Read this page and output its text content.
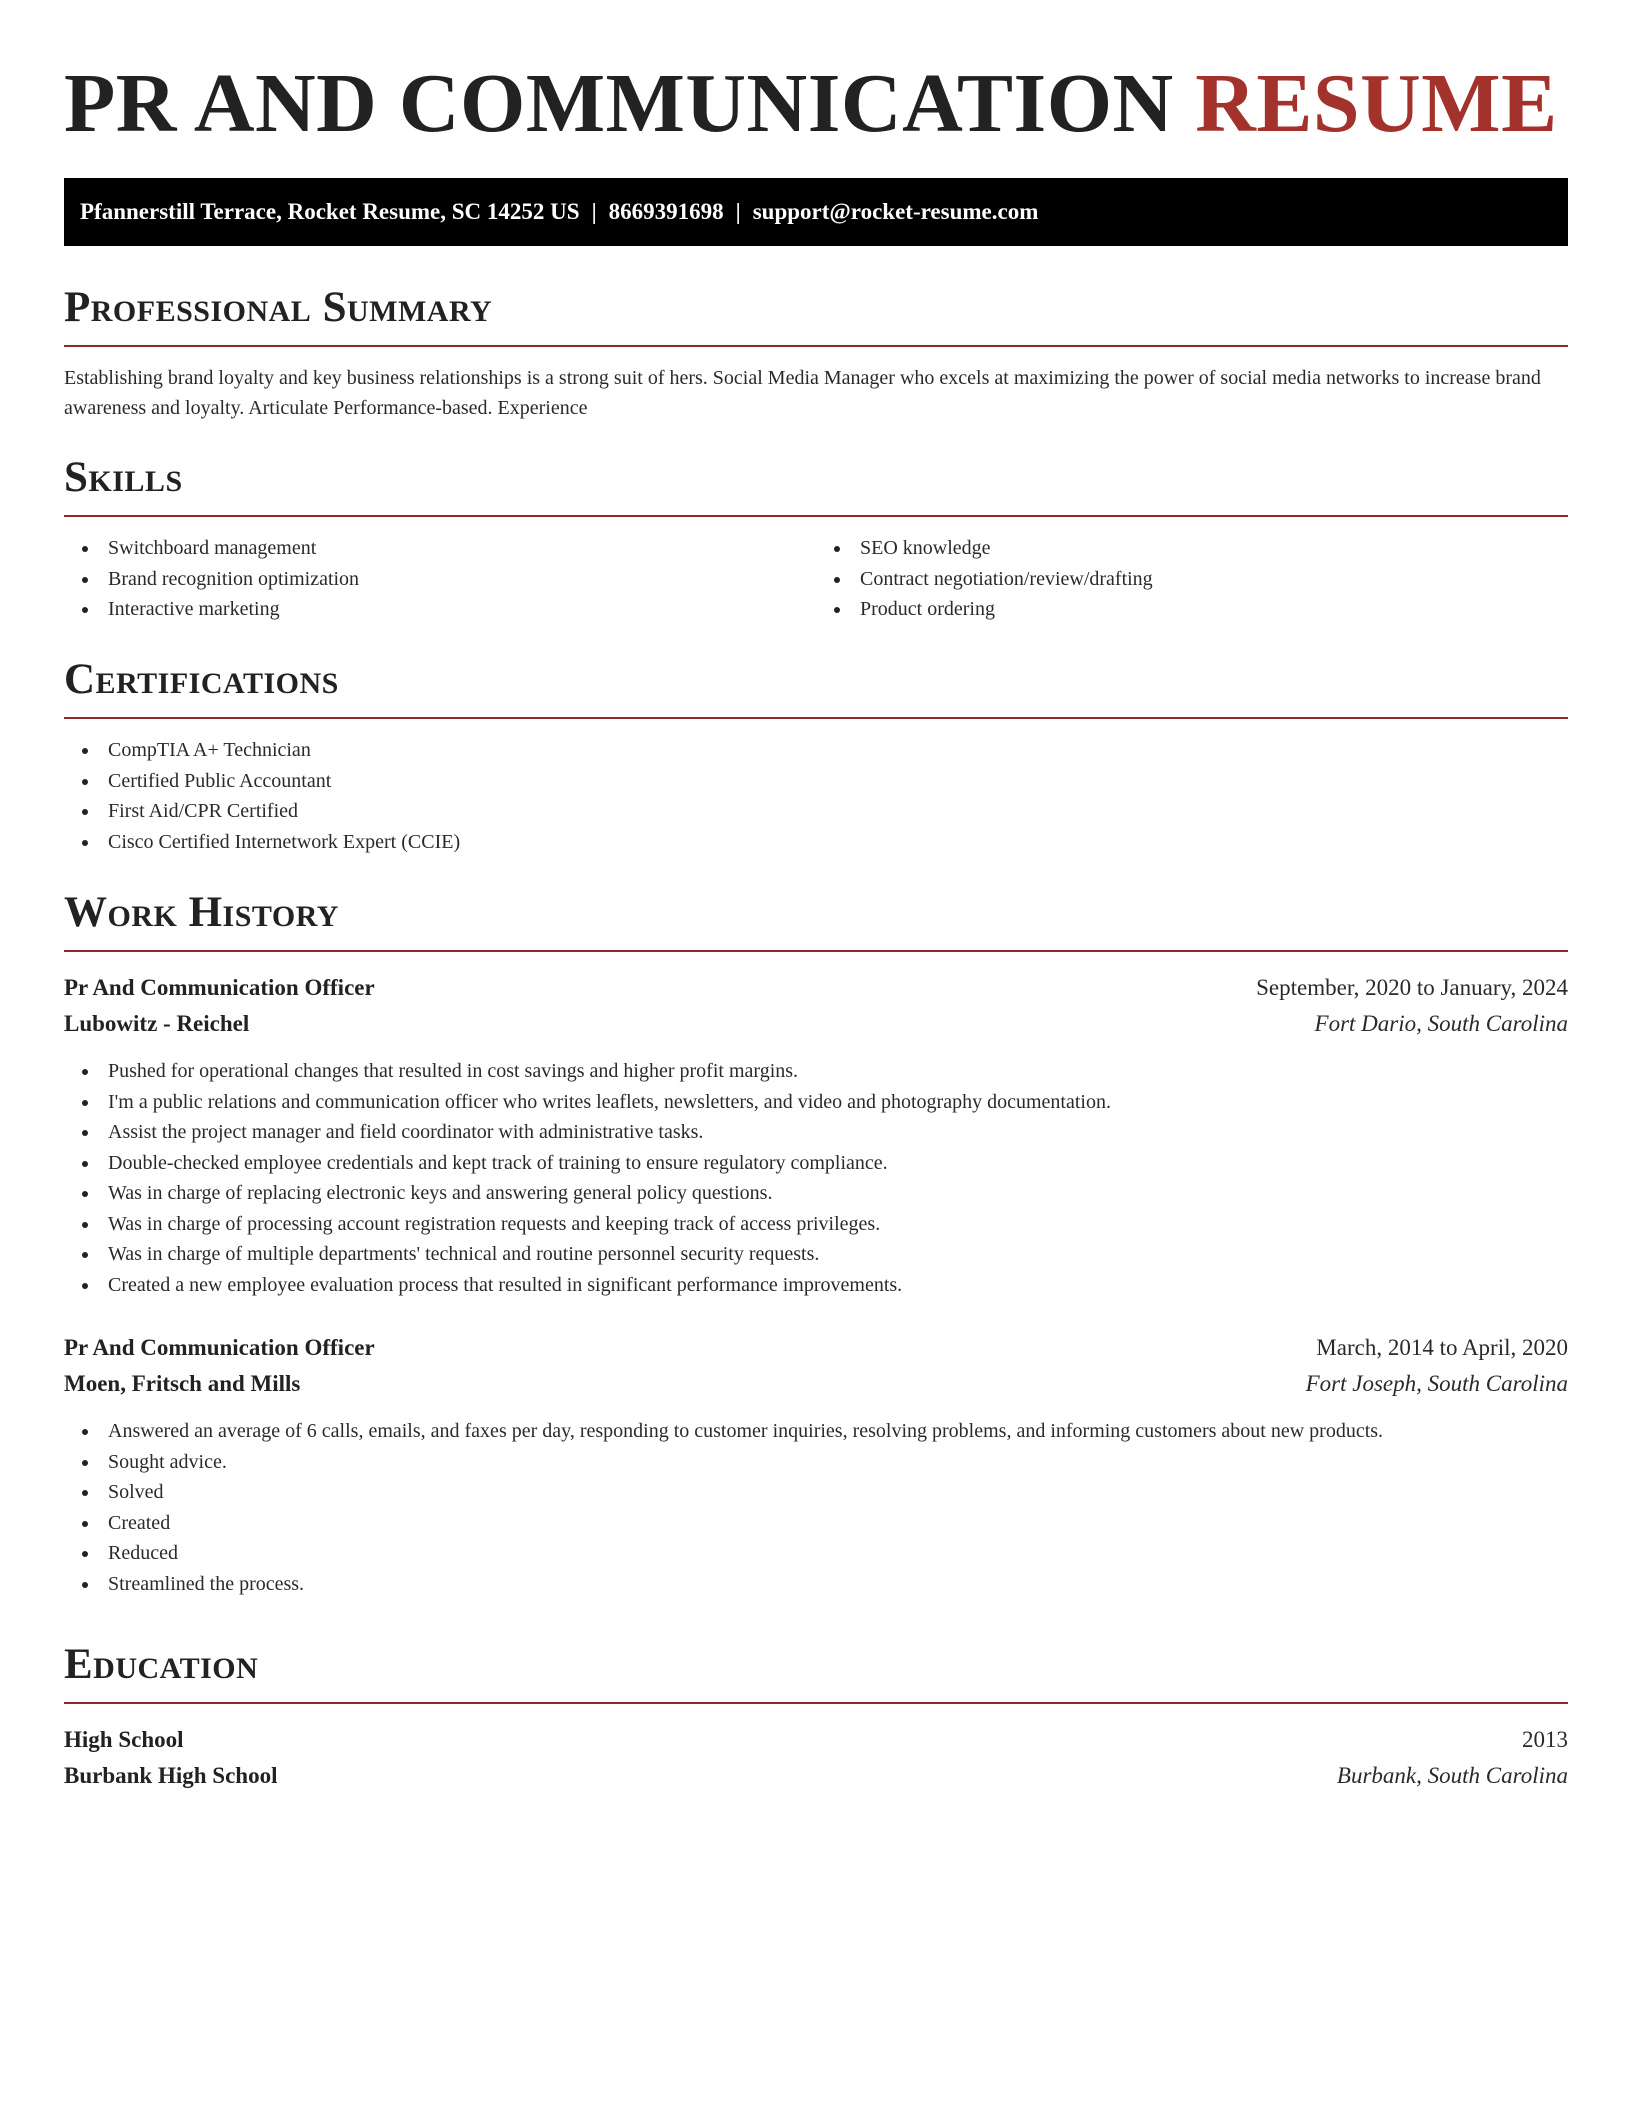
PR AND COMMUNICATION RESUME
Pfannerstill Terrace, Rocket Resume, SC 14252 US | 8669391698 | support@rocket-resume.com
Professional Summary

Establishing brand loyalty and key business relationships is a strong suit of hers. Social Media Manager who excels at maximizing the power of social media networks to increase brand awareness and loyalty. Articulate Performance-based. Experience

Skills
Switchboard management
Brand recognition optimization
Interactive marketing
SEO knowledge
Contract negotiation/review/drafting
Product ordering
Certifications
CompTIA A+ Technician
Certified Public Accountant
First Aid/CPR Certified
Cisco Certified Internetwork Expert (CCIE)
Work History
Pr And Communication Officer	September, 2020 to January, 2024
Lubowitz - Reichel	Fort Dario, South Carolina
Pushed for operational changes that resulted in cost savings and higher profit margins.
I'm a public relations and communication officer who writes leaflets, newsletters, and video and photography documentation.
Assist the project manager and field coordinator with administrative tasks.
Double-checked employee credentials and kept track of training to ensure regulatory compliance.
Was in charge of replacing electronic keys and answering general policy questions.
Was in charge of processing account registration requests and keeping track of access privileges.
Was in charge of multiple departments' technical and routine personnel security requests.
Created a new employee evaluation process that resulted in significant performance improvements.
Pr And Communication Officer	March, 2014 to April, 2020
Moen, Fritsch and Mills	Fort Joseph, South Carolina
Answered an average of 6 calls, emails, and faxes per day, responding to customer inquiries, resolving problems, and informing customers about new products.
Sought advice.
Solved
Created
Reduced
Streamlined the process.
Education
High School	2013
Burbank High School	Burbank, South Carolina
